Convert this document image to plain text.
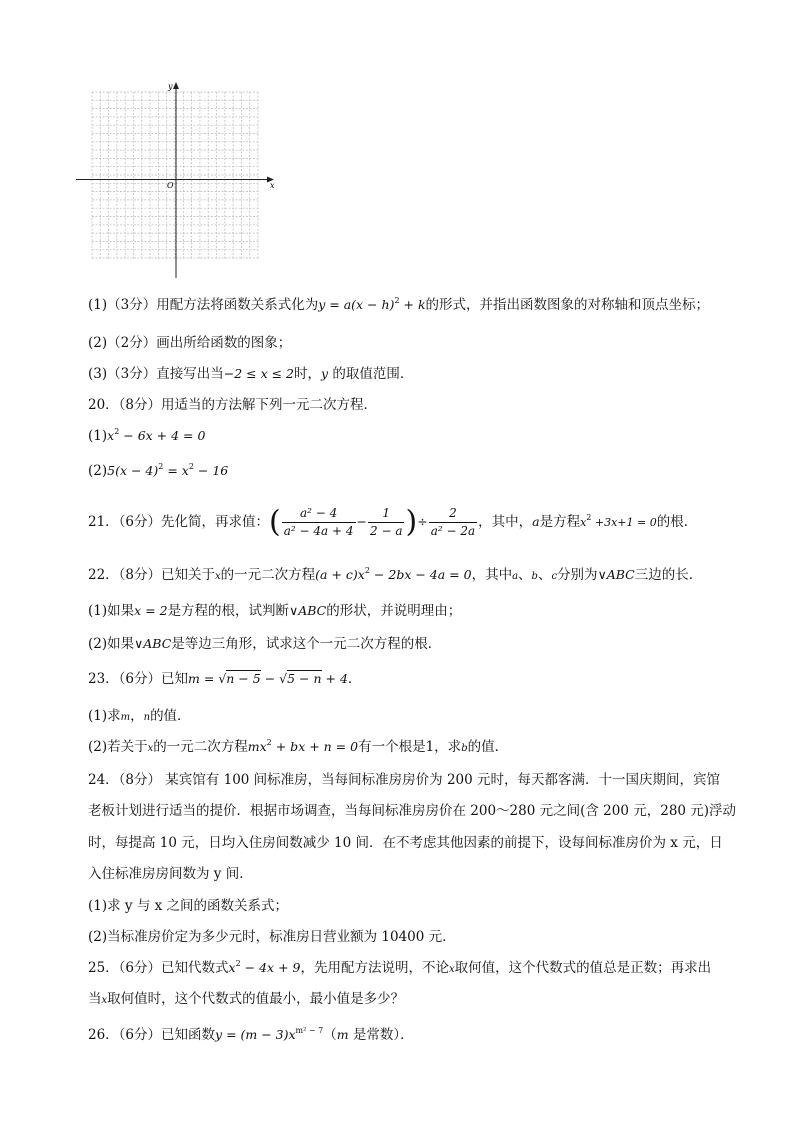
y
x
O
(1)（3分）用配方法将函数关系式化为$y = a(x - h)^2 + k$的形式，并指出函数图象的对称轴和顶点坐标；
(2)（2分）画出所给函数的图象；
(3)（3分）直接写出当−2 ≤ x ≤ 2时，y 的取值范围．
20．（8分）用适当的方法解下列一元二次方程．
$(1)x^2 - 6x + 4 = 0$
$(2)5(x - 4)^2 = x^2 - 16$
21．（6分）先化简，再求值：( $\frac{\text{a² − 4}}{\text{a² − 4a + 4}} - \frac{1}{2 - a}$ )÷ $\frac{2}{\text{a² − 2a}}$ ，其中，a是方程$x^2 +3x+1 = 0$的根．
22．（8分）已知关于x的一元二次方程$(a + c)x^2 - 2bx - 4a = 0$，其中a、b、c分别为∨ABC三边的长．
(1)如果x = 2是方程的根，试判断∨ABC的形状，并说明理由；
(2)如果∨ABC是等边三角形，试求这个一元二次方程的根．
23．（6分）已知m = √n − 5 − √5 − n + 4．
(1)求m，n的值．
(2)若关于x的一元二次方程$mx^2$ + bx + n = 0有一个根是1，求b的值．
24．（8分） 某宾馆有 100 间标准房，当每间标准房房价为 200 元时，每天都客满．十一国庆期间，宾馆
老板计划进行适当的提价．根据市场调查，当每间标准房房价在 200～280 元之间(含 200 元，280 元)浮动
时，每提高 10 元，日均入住房间数减少 10 间．在不考虑其他因素的前提下，设每间标准房价为 x 元，日
入住标准房房间数为 y 间．
(1)求 y 与 x 之间的函数关系式；
(2)当标准房价定为多少元时，标准房日营业额为 10400 元．
25．（6分）已知代数式$x^2 - 4x + 9$，先用配方法说明，不论x取何值，这个代数式的值总是正数；再求出
当x取何值时，这个代数式的值最小，最小值是多少？
26．（6分）已知函数$y = (m - 3)x^{m^2 - 7}(m$ 是常数）．
